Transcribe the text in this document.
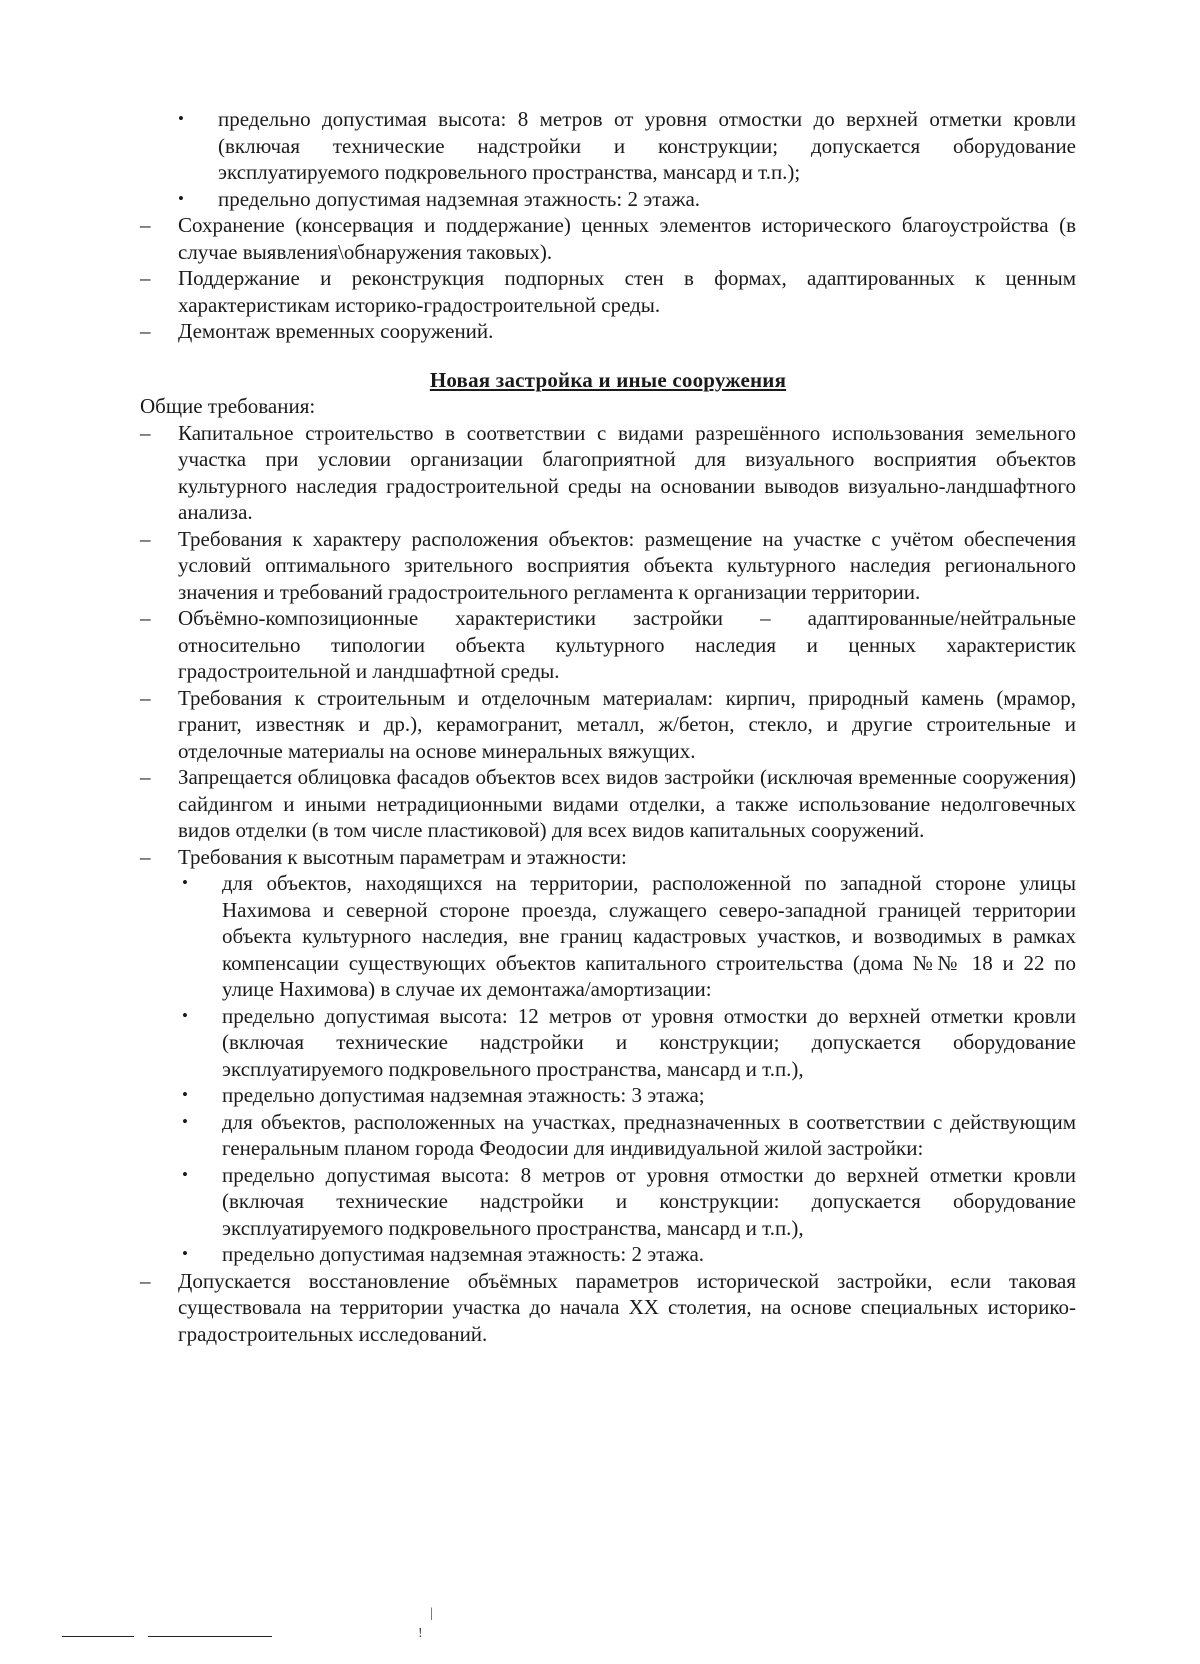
• предельно допустимая высота: 8 метров от уровня отмостки до верхней отметки кровли (включая технические надстройки и конструкции; допускается оборудование эксплуатируемого подкровельного пространства, мансард и т.п.);

• предельно допустимая надземная этажность: 2 этажа.

– Сохранение (консервация и поддержание) ценных элементов исторического благоустройства (в случае выявления\обнаружения таковых).

– Поддержание и реконструкция подпорных стен в формах, адаптированных к ценным характеристикам историко-градостроительной среды.

– Демонтаж временных сооружений.

Новая застройка и иные сооружения

Общие требования:

– Капитальное строительство в соответствии с видами разрешённого использования земельного участка при условии организации благоприятной для визуального восприятия объектов культурного наследия градостроительной среды на основании выводов визуально-ландшафтного анализа.

– Требования к характеру расположения объектов: размещение на участке с учётом обеспечения условий оптимального зрительного восприятия объекта культурного наследия регионального значения и требований градостроительного регламента к организации территории.

– Объёмно-композиционные характеристики застройки – адаптированные/нейтральные относительно типологии объекта культурного наследия и ценных характеристик градостроительной и ландшафтной среды.

– Требования к строительным и отделочным материалам: кирпич, природный камень (мрамор, гранит, известняк и др.), керамогранит, металл, ж/бетон, стекло, и другие строительные и отделочные материалы на основе минеральных вяжущих.

– Запрещается облицовка фасадов объектов всех видов застройки (исключая временные сооружения) сайдингом и иными нетрадиционными видами отделки, а также использование недолговечных видов отделки (в том числе пластиковой) для всех видов капитальных сооружений.

– Требования к высотным параметрам и этажности:

• для объектов, находящихся на территории, расположенной по западной стороне улицы Нахимова и северной стороне проезда, служащего северо-западной границей территории объекта культурного наследия, вне границ кадастровых участков, и возводимых в рамках компенсации существующих объектов капитального строительства (дома №№ 18 и 22 по улице Нахимова) в случае их демонтажа/амортизации:

• предельно допустимая высота: 12 метров от уровня отмостки до верхней отметки кровли (включая технические надстройки и конструкции; допускается оборудование эксплуатируемого подкровельного пространства, мансард и т.п.),

• предельно допустимая надземная этажность: 3 этажа;

• для объектов, расположенных на участках, предназначенных в соответствии с действующим генеральным планом города Феодосии для индивидуальной жилой застройки:

• предельно допустимая высота: 8 метров от уровня отмостки до верхней отметки кровли (включая технические надстройки и конструкции: допускается оборудование эксплуатируемого подкровельного пространства, мансард и т.п.),

• предельно допустимая надземная этажность: 2 этажа.

– Допускается восстановление объёмных параметров исторической застройки, если таковая существовала на территории участка до начала XX столетия, на основе специальных историко-градостроительных исследований.

|
!
